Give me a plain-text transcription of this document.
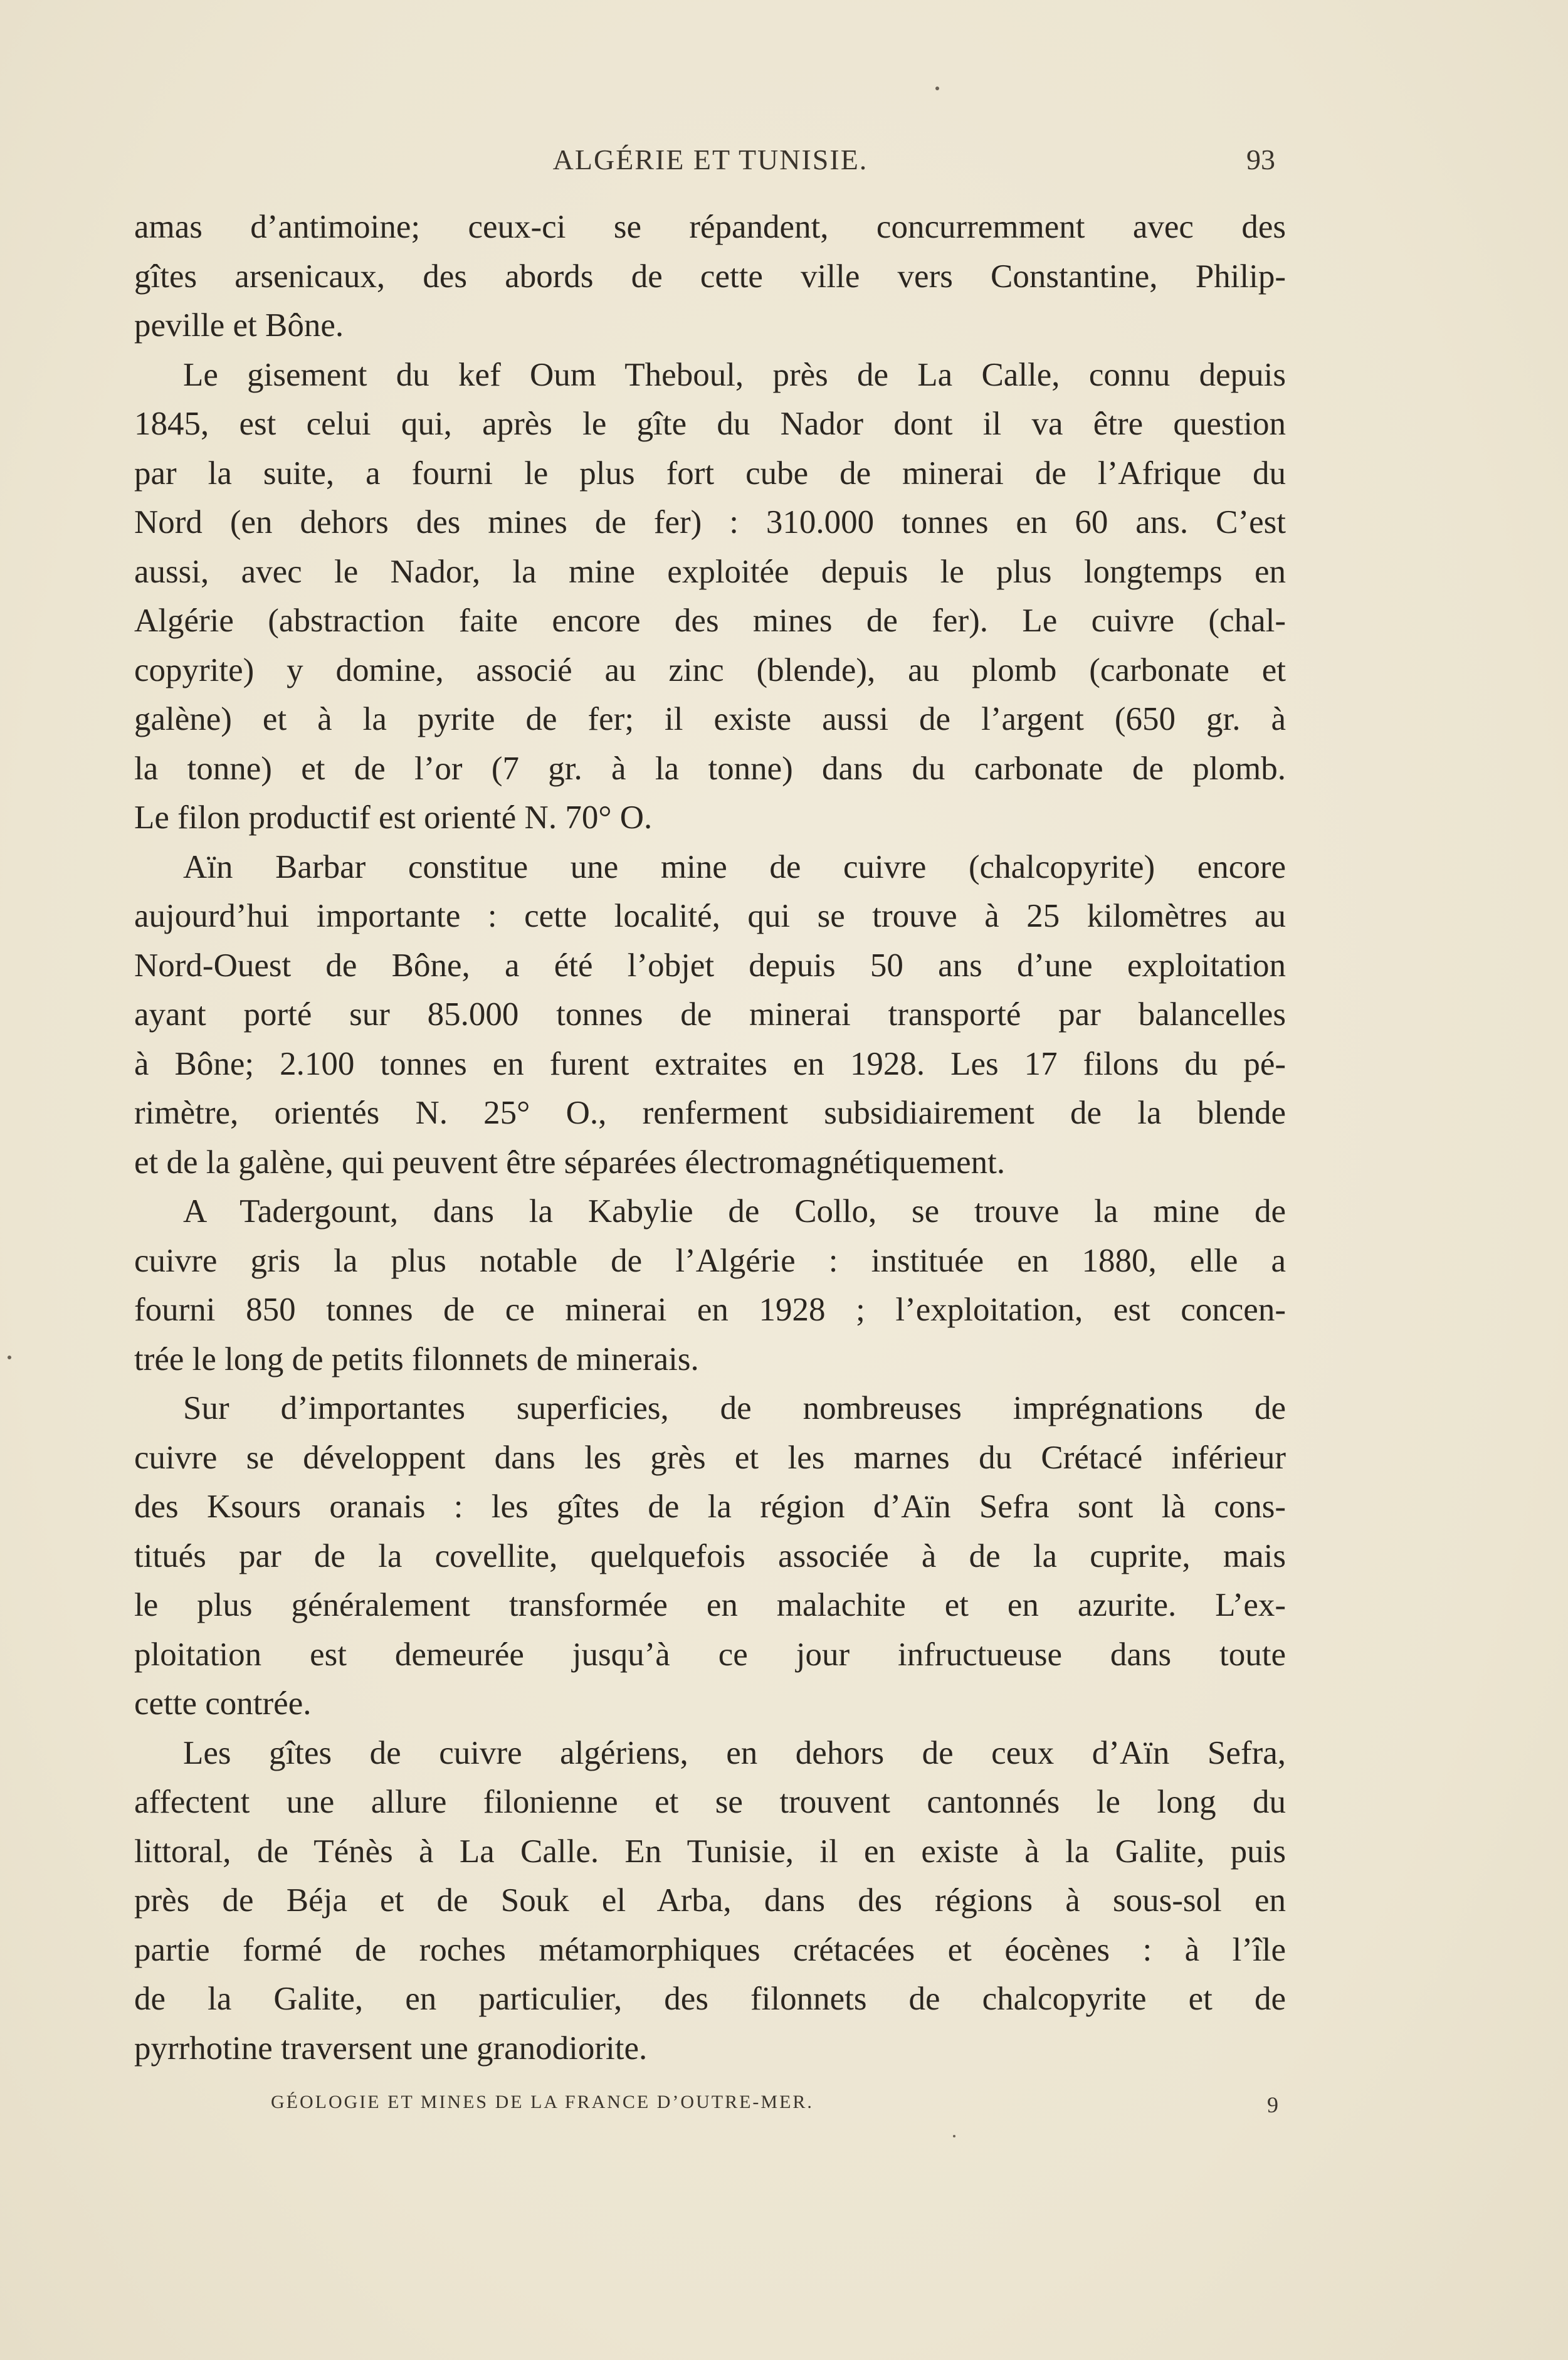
ALGÉRIE ET TUNISIE.	93
amas d’antimoine; ceux-ci se répandent, concurremment avec des
gîtes arsenicaux, des abords de cette ville vers Constantine, Philip-
peville et Bône.
Le gisement du kef Oum Theboul, près de La Calle, connu depuis
1845, est celui qui, après le gîte du Nador dont il va être question
par la suite, a fourni le plus fort cube de minerai de l’Afrique du
Nord (en dehors des mines de fer) : 310.000 tonnes en 60 ans. C’est
aussi, avec le Nador, la mine exploitée depuis le plus longtemps en
Algérie (abstraction faite encore des mines de fer). Le cuivre (chal-
copyrite) y domine, associé au zinc (blende), au plomb (carbonate et
galène) et à la pyrite de fer; il existe aussi de l’argent (650 gr. à
la tonne) et de l’or (7 gr. à la tonne) dans du carbonate de plomb.
Le filon productif est orienté N. 70° O.
Aïn Barbar constitue une mine de cuivre (chalcopyrite) encore
aujourd’hui importante : cette localité, qui se trouve à 25 kilomètres au
Nord-Ouest de Bône, a été l’objet depuis 50 ans d’une exploitation
ayant porté sur 85.000 tonnes de minerai transporté par balancelles
à Bône; 2.100 tonnes en furent extraites en 1928. Les 17 filons du pé-
rimètre, orientés N. 25° O., renferment subsidiairement de la blende
et de la galène, qui peuvent être séparées électromagnétiquement.
A Tadergount, dans la Kabylie de Collo, se trouve la mine de
cuivre gris la plus notable de l’Algérie : instituée en 1880, elle a
fourni 850 tonnes de ce minerai en 1928 ; l’exploitation, est concen-
trée le long de petits filonnets de minerais.
Sur d’importantes superficies, de nombreuses imprégnations de
cuivre se développent dans les grès et les marnes du Crétacé inférieur
des Ksours oranais : les gîtes de la région d’Aïn Sefra sont là cons-
titués par de la covellite, quelquefois associée à de la cuprite, mais
le plus généralement transformée en malachite et en azurite. L’ex-
ploitation est demeurée jusqu’à ce jour infructueuse dans toute
cette contrée.
Les gîtes de cuivre algériens, en dehors de ceux d’Aïn Sefra,
affectent une allure filonienne et se trouvent cantonnés le long du
littoral, de Ténès à La Calle. En Tunisie, il en existe à la Galite, puis
près de Béja et de Souk el Arba, dans des régions à sous-sol en
partie formé de roches métamorphiques crétacées et éocènes : à l’île
de la Galite, en particulier, des filonnets de chalcopyrite et de
pyrrhotine traversent une granodiorite.
GÉOLOGIE ET MINES DE LA FRANCE D’OUTRE-MER.	9
